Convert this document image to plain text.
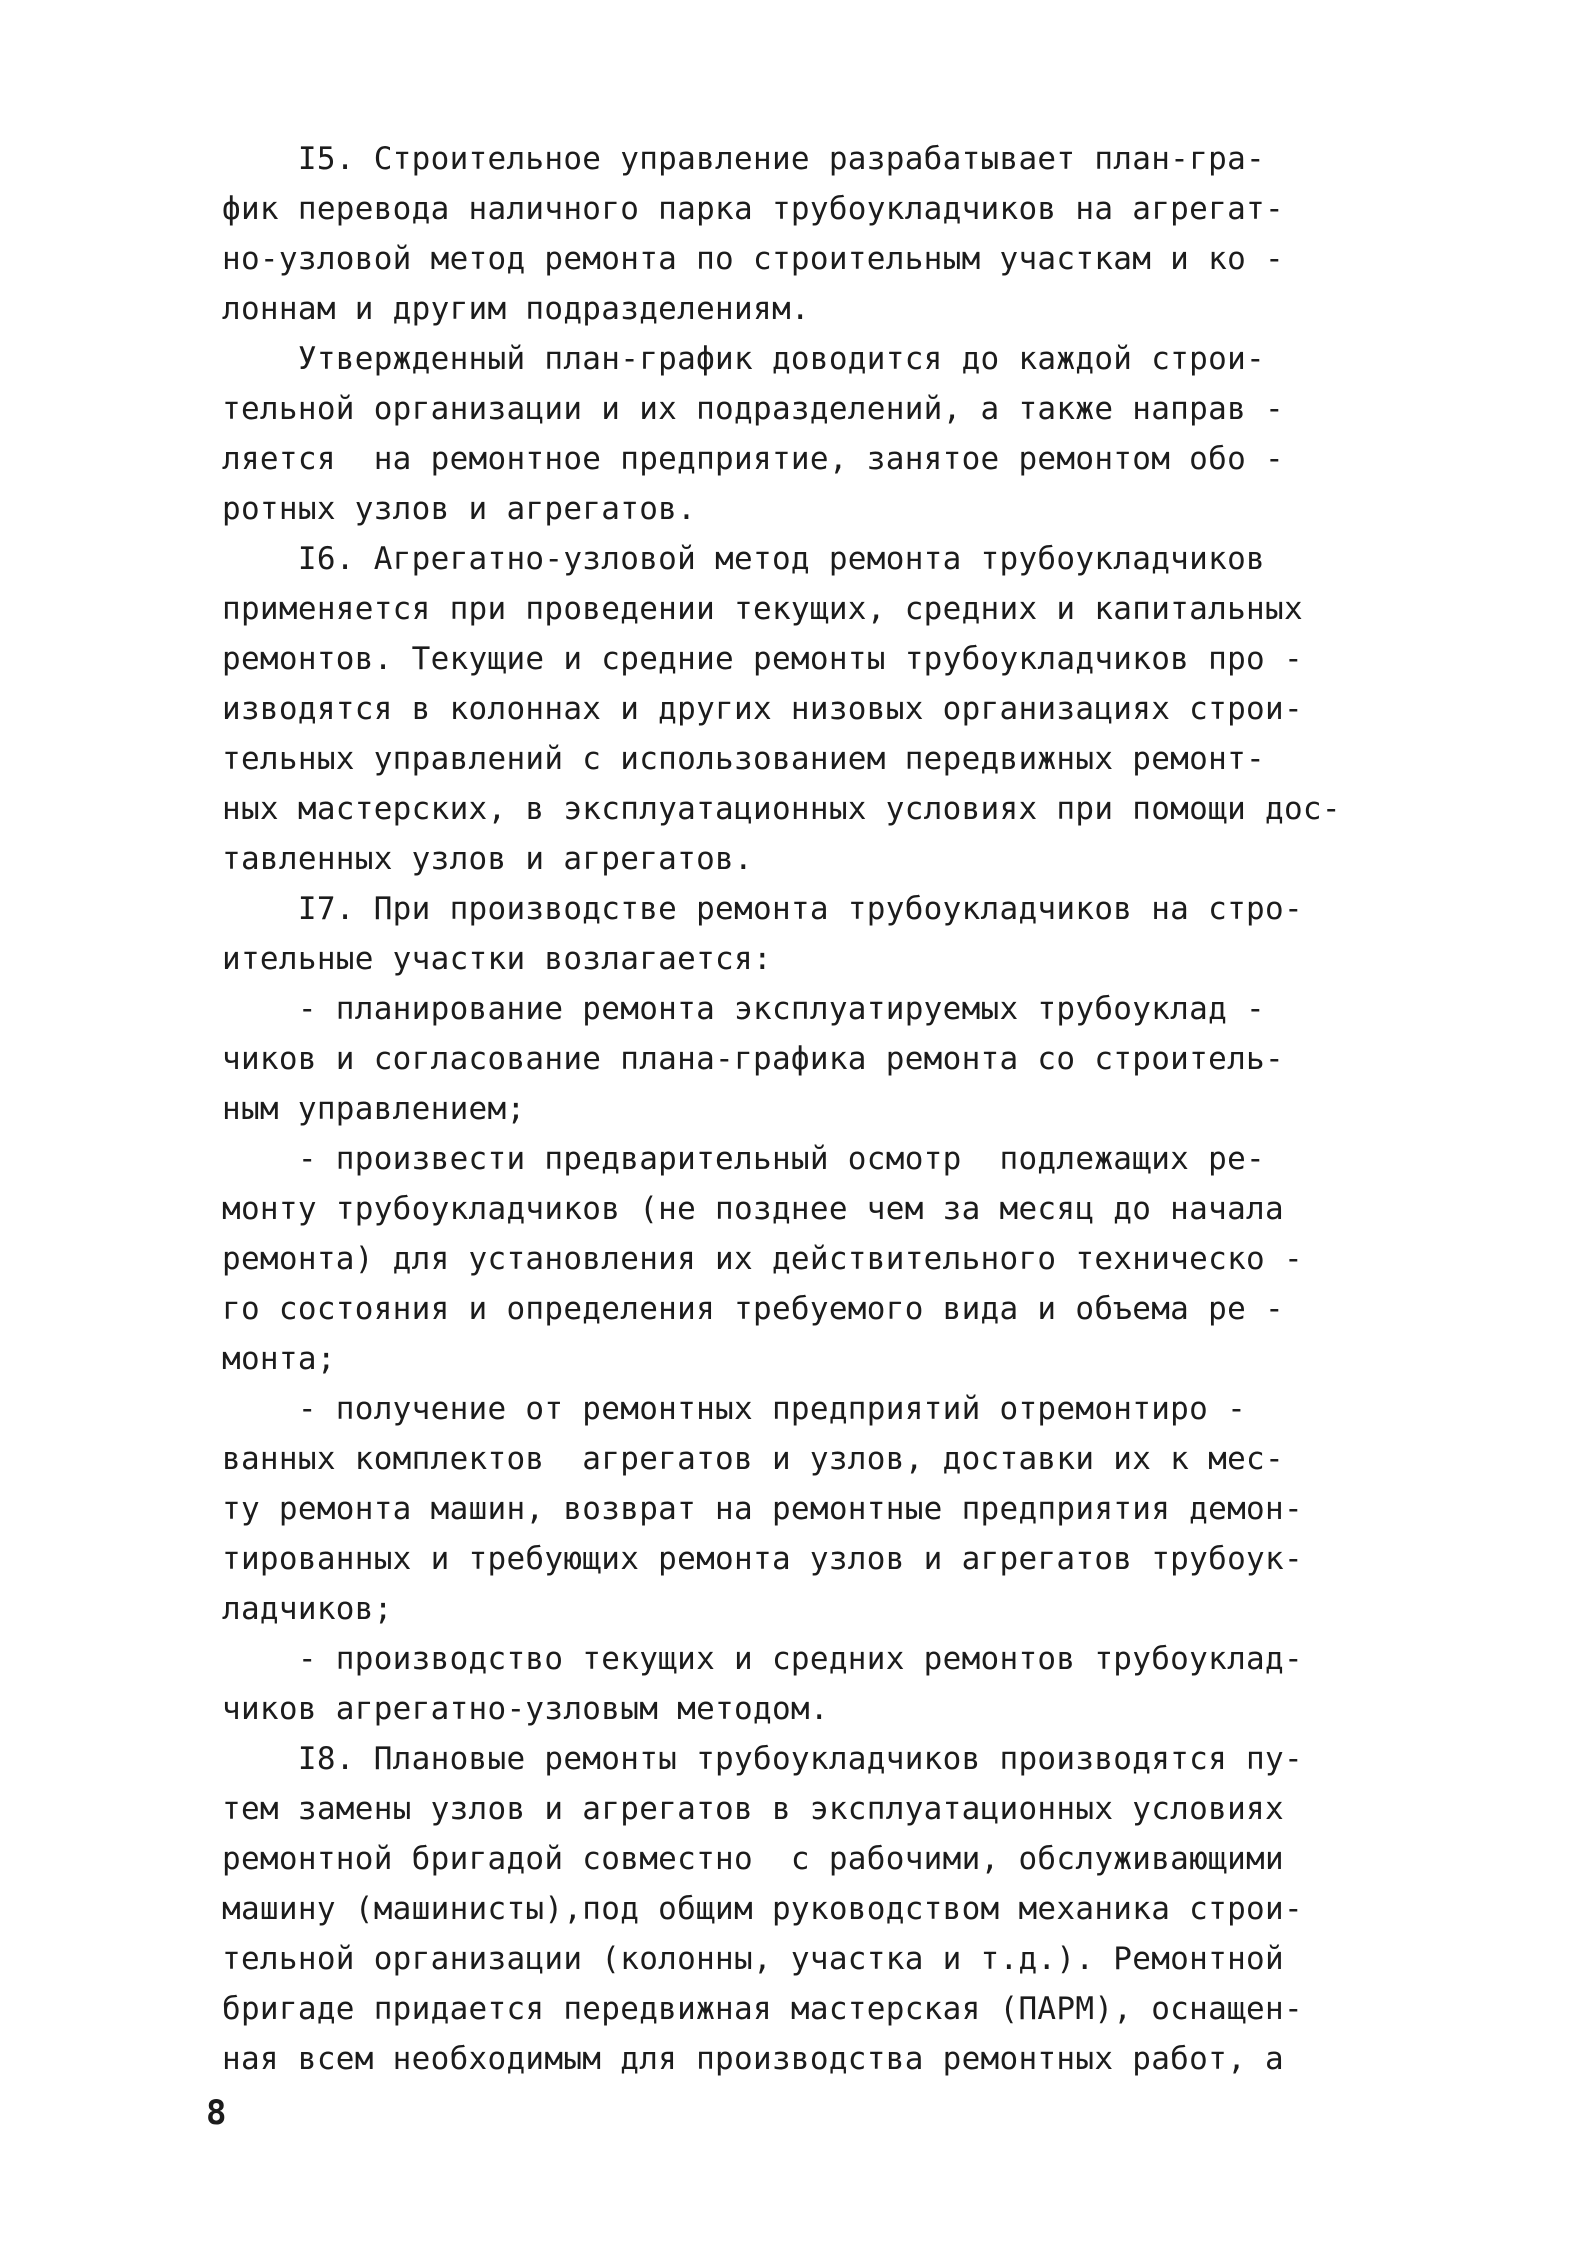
I5. Строительное управление разрабатывает план-гра-
фик перевода наличного парка трубоукладчиков на агрегат-
но-узловой метод ремонта по строительным участкам и ко -
лоннам и другим подразделениям.
Утвержденный план-график доводится до каждой строи-
тельной организации и их подразделений, а также направ -
ляется  на ремонтное предприятие, занятое ремонтом обо -
ротных узлов и агрегатов.
I6. Агрегатно-узловой метод ремонта трубоукладчиков
применяется при проведении текущих, средних и капитальных
ремонтов. Текущие и средние ремонты трубоукладчиков про -
изводятся в колоннах и других низовых организациях строи-
тельных управлений с использованием передвижных ремонт-
ных мастерских, в эксплуатационных условиях при помощи дос-
тавленных узлов и агрегатов.
I7. При производстве ремонта трубоукладчиков на стро-
ительные участки возлагается:
- планирование ремонта эксплуатируемых трубоуклад -
чиков и согласование плана-графика ремонта со строитель-
ным управлением;
- произвести предварительный осмотр  подлежащих ре-
монту трубоукладчиков (не позднее чем за месяц до начала
ремонта) для установления их действительного техническо -
го состояния и определения требуемого вида и объема ре -
монта;
- получение от ремонтных предприятий отремонтиро -
ванных комплектов  агрегатов и узлов, доставки их к мес-
ту ремонта машин, возврат на ремонтные предприятия демон-
тированных и требующих ремонта узлов и агрегатов трубоук-
ладчиков;
- производство текущих и средних ремонтов трубоуклад-
чиков агрегатно-узловым методом.
I8. Плановые ремонты трубоукладчиков производятся пу-
тем замены узлов и агрегатов в эксплуатационных условиях
ремонтной бригадой совместно  с рабочими, обслуживающими
машину (машинисты),под общим руководством механика строи-
тельной организации (колонны, участка и т.д.). Ремонтной
бригаде придается передвижная мастерская (ПАРМ), оснащен-
ная всем необходимым для производства ремонтных работ, а
8
